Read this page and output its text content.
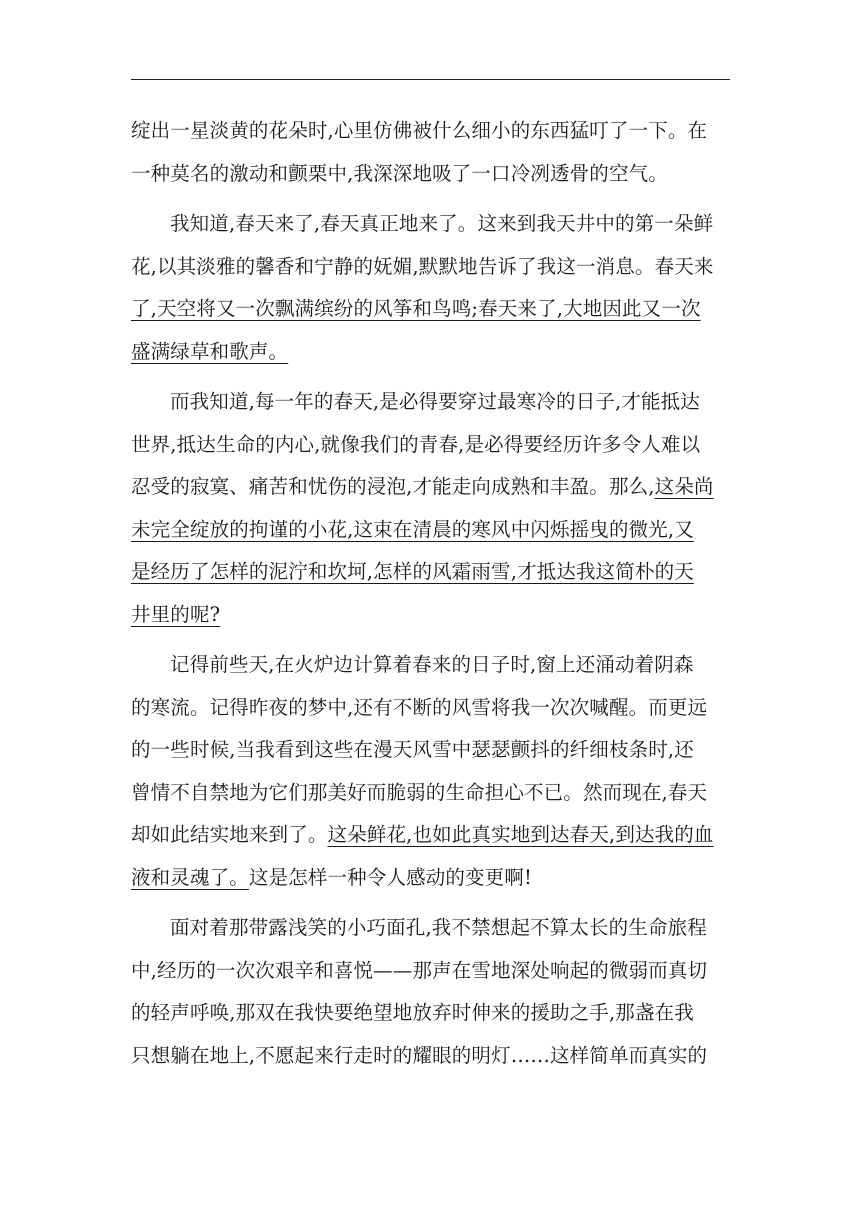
绽出一星淡黄的花朵时,心里仿佛被什么细小的东西猛叮了一下。在
一种莫名的激动和颤栗中,我深深地吸了一口冷冽透骨的空气。
我知道,春天来了,春天真正地来了。这来到我天井中的第一朵鲜
花,以其淡雅的馨香和宁静的妩媚,默默地告诉了我这一消息。春天来
了,天空将又一次飘满缤纷的风筝和鸟鸣;春天来了,大地因此又一次
盛满绿草和歌声。
而我知道,每一年的春天,是必得要穿过最寒冷的日子,才能抵达
世界,抵达生命的内心,就像我们的青春,是必得要经历许多令人难以
忍受的寂寞、痛苦和忧伤的浸泡,才能走向成熟和丰盈。那么,这朵尚
未完全绽放的拘谨的小花,这束在清晨的寒风中闪烁摇曳的微光,又
是经历了怎样的泥泞和坎坷,怎样的风霜雨雪,才抵达我这简朴的天
井里的呢?
记得前些天,在火炉边计算着春来的日子时,窗上还涌动着阴森
的寒流。记得昨夜的梦中,还有不断的风雪将我一次次喊醒。而更远
的一些时候,当我看到这些在漫天风雪中瑟瑟颤抖的纤细枝条时,还
曾情不自禁地为它们那美好而脆弱的生命担心不已。然而现在,春天
却如此结实地来到了。这朵鲜花,也如此真实地到达春天,到达我的血
液和灵魂了。这是怎样一种令人感动的变更啊!
面对着那带露浅笑的小巧面孔,我不禁想起不算太长的生命旅程
中,经历的一次次艰辛和喜悦——那声在雪地深处响起的微弱而真切
的轻声呼唤,那双在我快要绝望地放弃时伸来的援助之手,那盏在我
只想躺在地上,不愿起来行走时的耀眼的明灯……这样简单而真实的
